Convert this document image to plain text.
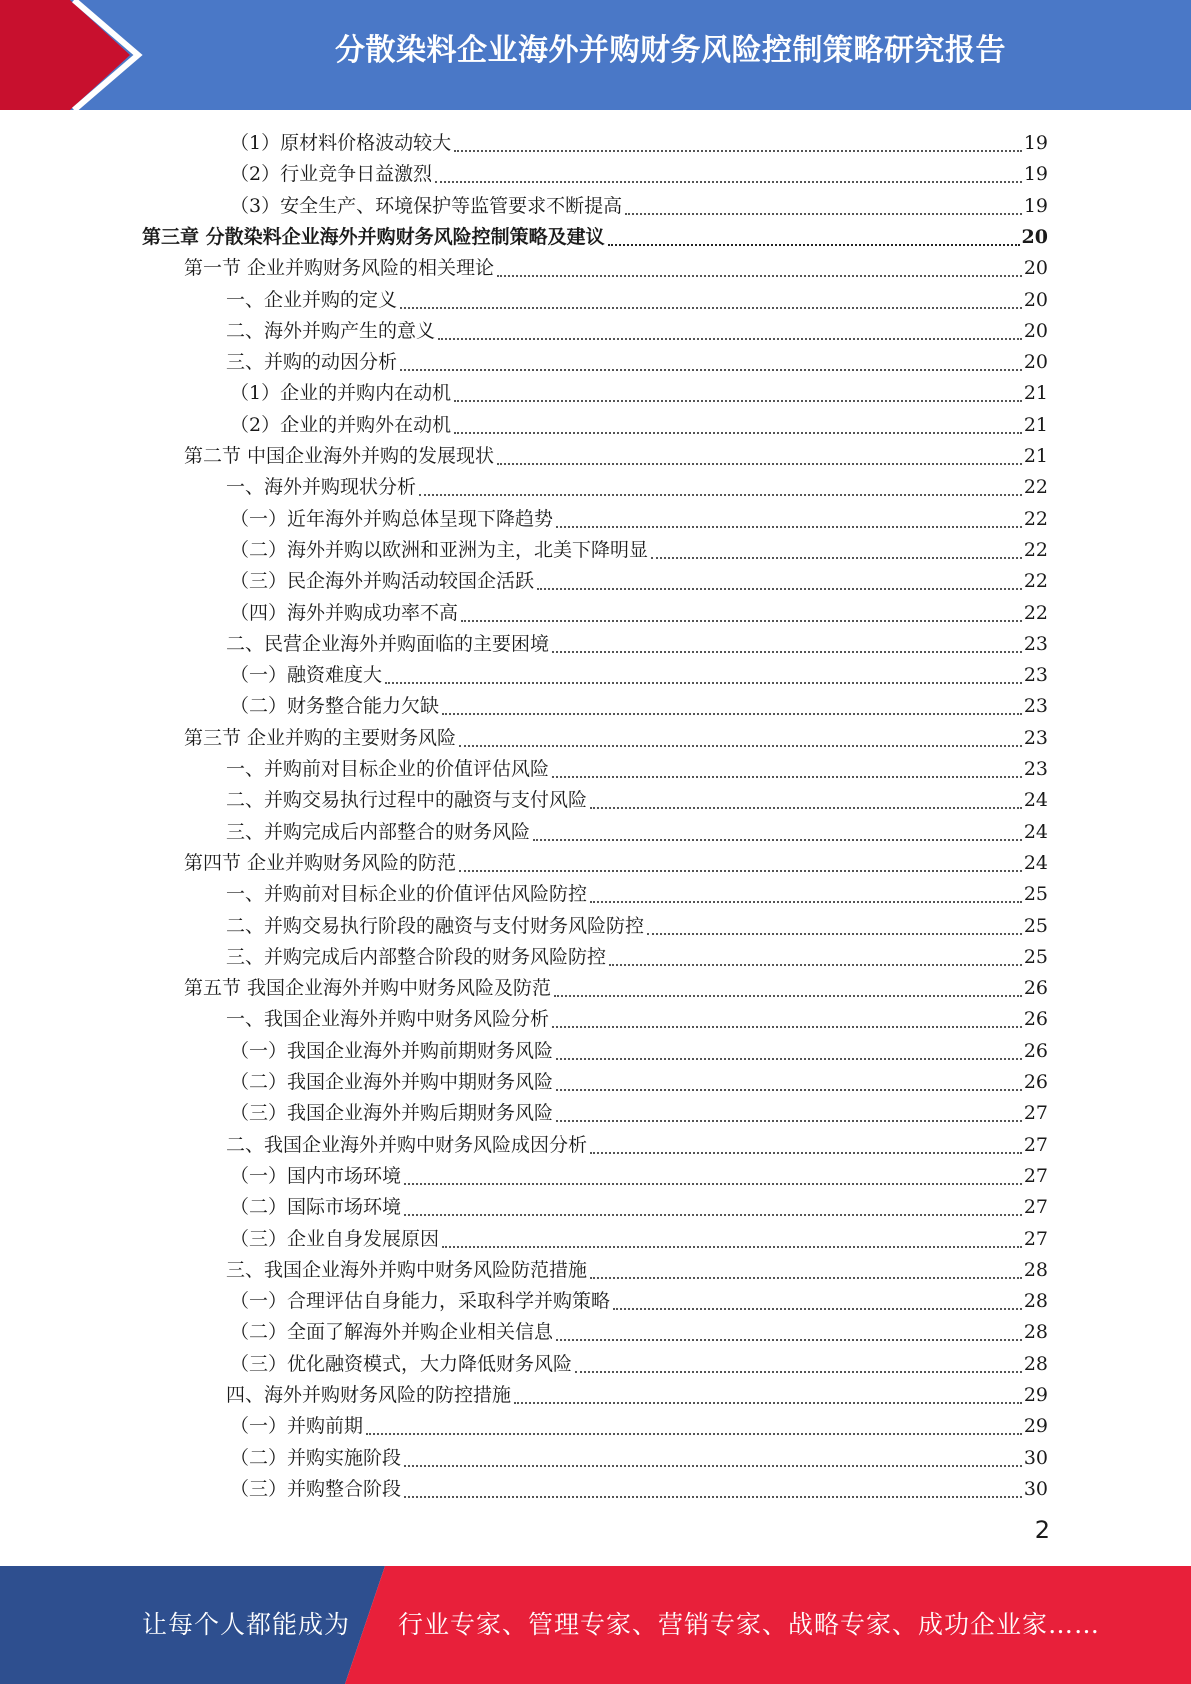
分散染料企业海外并购财务风险控制策略研究报告
（1）原材料价格波动较大	19
（2）行业竞争日益激烈	19
（3）安全生产、环境保护等监管要求不断提高	19
第三章 分散染料企业海外并购财务风险控制策略及建议	20
第一节 企业并购财务风险的相关理论	20
一、企业并购的定义	20
二、海外并购产生的意义	20
三、并购的动因分析	20
（1）企业的并购内在动机	21
（2）企业的并购外在动机	21
第二节 中国企业海外并购的发展现状	21
一、海外并购现状分析	22
（一）近年海外并购总体呈现下降趋势	22
（二）海外并购以欧洲和亚洲为主，北美下降明显	22
（三）民企海外并购活动较国企活跃	22
（四）海外并购成功率不高	22
二、民营企业海外并购面临的主要困境	23
（一）融资难度大	23
（二）财务整合能力欠缺	23
第三节 企业并购的主要财务风险	23
一、并购前对目标企业的价值评估风险	23
二、并购交易执行过程中的融资与支付风险	24
三、并购完成后内部整合的财务风险	24
第四节 企业并购财务风险的防范	24
一、并购前对目标企业的价值评估风险防控	25
二、并购交易执行阶段的融资与支付财务风险防控	25
三、并购完成后内部整合阶段的财务风险防控	25
第五节 我国企业海外并购中财务风险及防范	26
一、我国企业海外并购中财务风险分析	26
（一）我国企业海外并购前期财务风险	26
（二）我国企业海外并购中期财务风险	26
（三）我国企业海外并购后期财务风险	27
二、我国企业海外并购中财务风险成因分析	27
（一）国内市场环境	27
（二）国际市场环境	27
（三）企业自身发展原因	27
三、我国企业海外并购中财务风险防范措施	28
（一）合理评估自身能力，采取科学并购策略	28
（二）全面了解海外并购企业相关信息	28
（三）优化融资模式，大力降低财务风险	28
四、海外并购财务风险的防控措施	29
（一）并购前期	29
（二）并购实施阶段	30
（三）并购整合阶段	30
2
让每个人都能成为 行业专家、管理专家、营销专家、战略专家、成功企业家……
